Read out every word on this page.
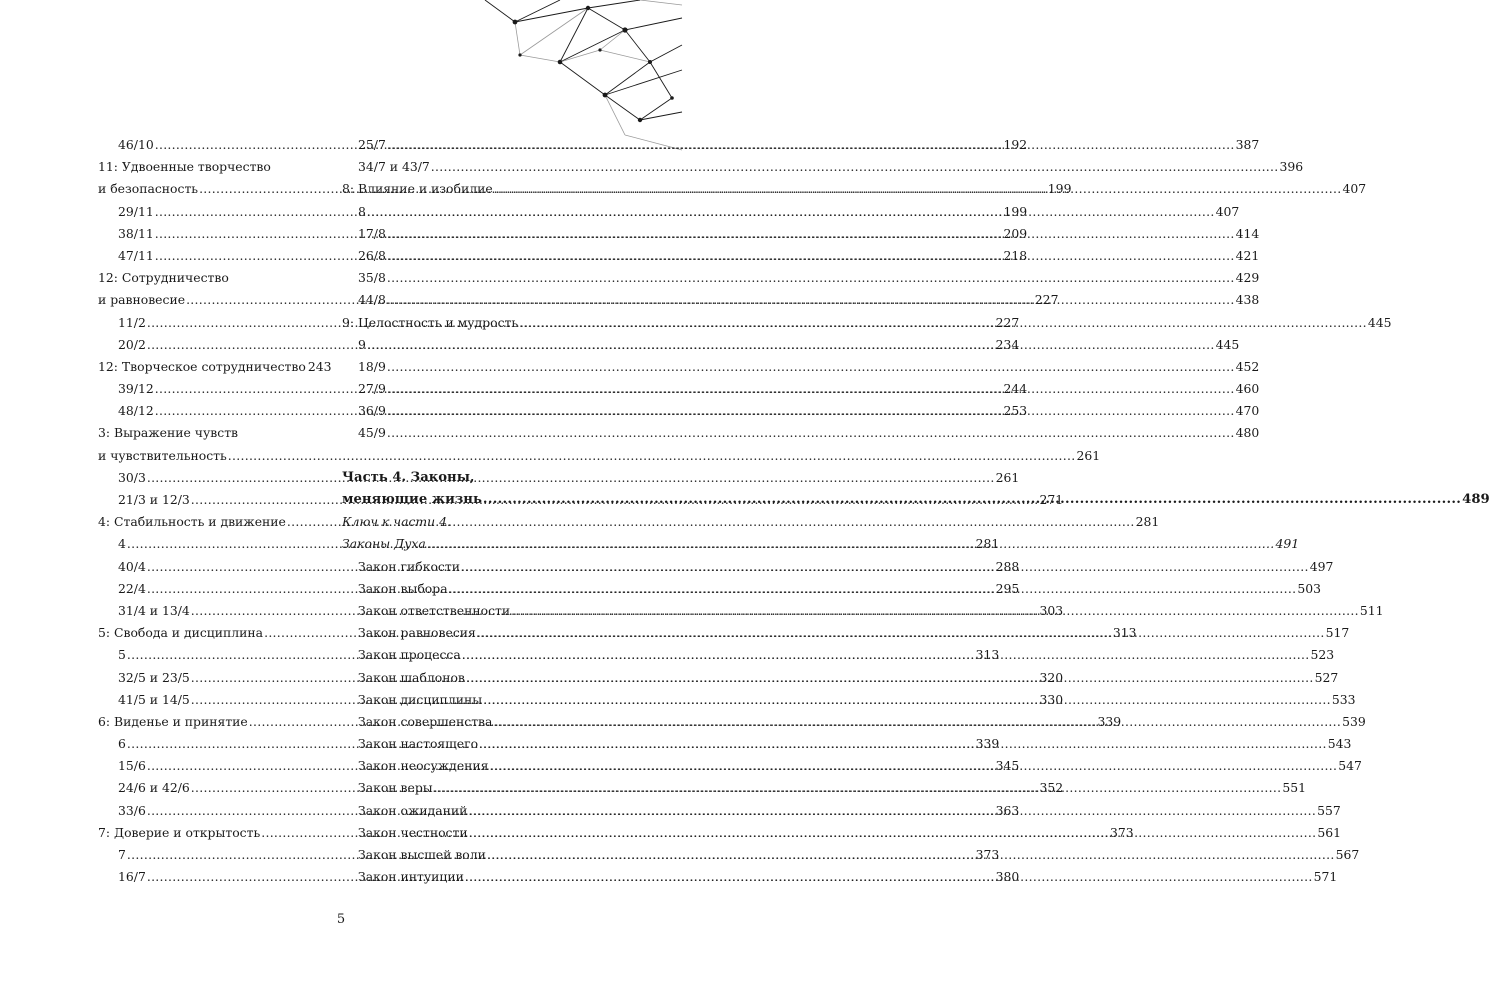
46/10 .....	192
11: Удвоенные творчество
и безопасность .....	199
29/11 .....	199
38/11 .....	209
47/11 .....	218
12: Сотрудничество
и равновесие .....	227
11/2 .....	227
20/2 .....	234
12: Творческое сотрудничество 243
39/12 .....	244
48/12 .....	253
3: Выражение чувств
и чувствительность .....	261
30/3 .....	261
21/3 и 12/3 .....	271
4: Стабильность и движение .....	281
4 .....	281
40/4 .....	288
22/4 .....	295
31/4 и 13/4 .....	303
5: Свобода и дисциплина .....	313
5 .....	313
32/5 и 23/5 .....	320
41/5 и 14/5 .....	330
6: Виденье и принятие .....	339
6 .....	339
15/6 .....	345
24/6 и 42/6 .....	352
33/6 .....	363
7: Доверие и открытость .....	373
7 .....	373
16/7 .....	380
25/7 .....	387
34/7 и 43/7 .....	396
8: Влияние и изобилие .....	407
8 .....	407
17/8 .....	414
26/8 .....	421
35/8 .....	429
44/8 .....	438
9: Целостность и мудрость .....	445
9 .....	445
18/9 .....	452
27/9 .....	460
36/9 .....	470
45/9 .....	480
Часть 4. Законы,
меняющие жизнь .....	489
Ключ к части 4.
Законы Духа .....	491
Закон гибкости .....	497
Закон выбора .....	503
Закон ответственности .....	511
Закон равновесия .....	517
Закон процесса .....	523
Закон шаблонов .....	527
Закон дисциплины .....	533
Закон совершенства .....	539
Закон настоящего .....	543
Закон неосуждения .....	547
Закон веры .....	551
Закон ожиданий .....	557
Закон честности .....	561
Закон высшей воли .....	567
Закон интуиции .....	571
5
